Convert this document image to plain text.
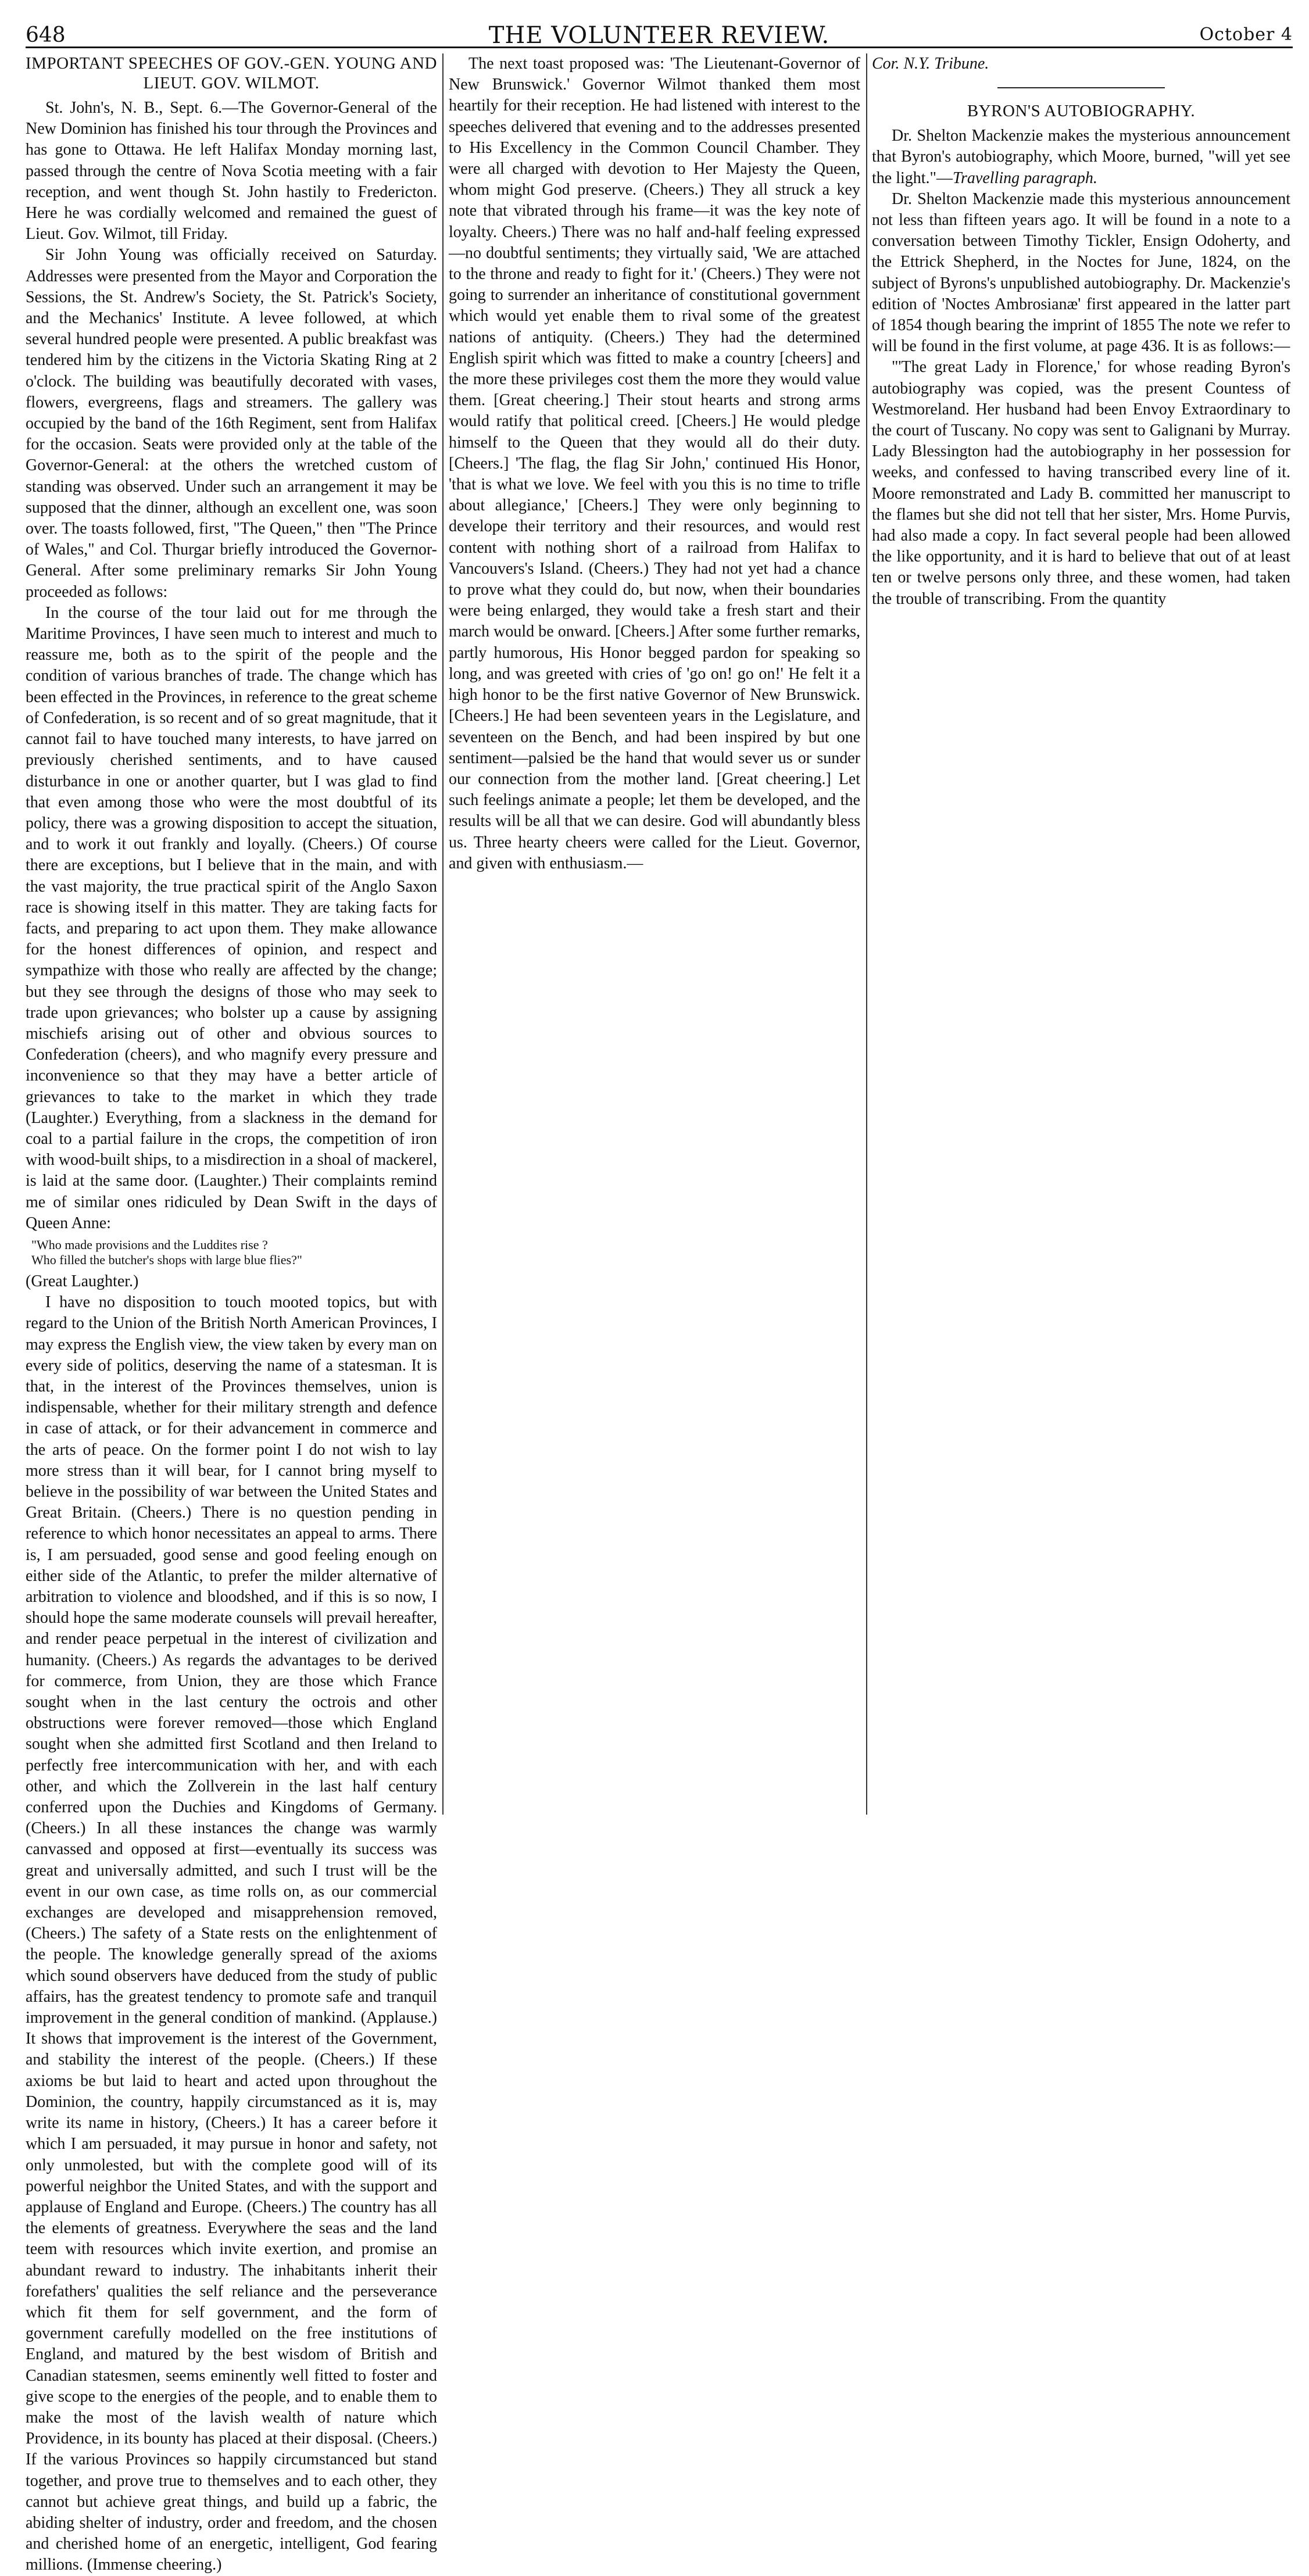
648	THE VOLUNTEER REVIEW.	October 4
IMPORTANT SPEECHES OF GOV.-GEN. YOUNG AND LIEUT. GOV. WILMOT.

St. John's, N. B., Sept. 6.—The Governor-General of the New Dominion has finished his tour through the Provinces and has gone to Ottawa. He left Halifax Monday morning last, passed through the centre of Nova Scotia meeting with a fair reception, and went though St. John hastily to Fredericton. Here he was cordially welcomed and remained the guest of Lieut. Gov. Wilmot, till Friday.

Sir John Young was officially received on Saturday. Addresses were presented from the Mayor and Corporation the Sessions, the St. Andrew's Society, the St. Patrick's Society, and the Mechanics' Institute. A levee followed, at which several hundred people were presented. A public breakfast was tendered him by the citizens in the Victoria Skating Ring at 2 o'clock. The building was beautifully decorated with vases, flowers, evergreens, flags and streamers. The gallery was occupied by the band of the 16th Regiment, sent from Halifax for the occasion. Seats were provided only at the table of the Governor-General: at the others the wretched custom of standing was observed. Under such an arrangement it may be supposed that the dinner, although an excellent one, was soon over. The toasts followed, first, "The Queen," then "The Prince of Wales," and Col. Thurgar briefly introduced the Governor-General. After some preliminary remarks Sir John Young proceeded as follows:

In the course of the tour laid out for me through the Maritime Provinces, I have seen much to interest and much to reassure me, both as to the spirit of the people and the condition of various branches of trade. The change which has been effected in the Provinces, in reference to the great scheme of Confederation, is so recent and of so great magnitude, that it cannot fail to have touched many interests, to have jarred on previously cherished sentiments, and to have caused disturbance in one or another quarter, but I was glad to find that even among those who were the most doubtful of its policy, there was a growing disposition to accept the situation, and to work it out frankly and loyally. (Cheers.) Of course there are exceptions, but I believe that in the main, and with the vast majority, the true practical spirit of the Anglo Saxon race is showing itself in this matter. They are taking facts for facts, and preparing to act upon them. They make allowance for the honest differences of opinion, and respect and sympathize with those who really are affected by the change; but they see through the designs of those who may seek to trade upon grievances; who bolster up a cause by assigning mischiefs arising out of other and obvious sources to Confederation (cheers), and who magnify every pressure and inconvenience so that they may have a better article of grievances to take to the market in which they trade (Laughter.) Everything, from a slackness in the demand for coal to a partial failure in the crops, the competition of iron with wood-built ships, to a misdirection in a shoal of mackerel, is laid at the same door. (Laughter.) Their complaints remind me of similar ones ridiculed by Dean Swift in the days of Queen Anne:

"Who made provisions and the Luddites rise ?
Who filled the butcher's shops with large blue flies?"

(Great Laughter.)

I have no disposition to touch mooted topics, but with regard to the Union of the British North American Provinces, I may express the English view, the view taken by every man on every side of politics, deserving the name of a statesman. It is that, in the interest of the Provinces themselves, union is indispensable, whether for their military strength and defence in case of attack, or for their advancement in commerce and the arts of peace. On the former point I do not wish to lay more stress than it will bear, for I cannot bring myself to believe in the possibility of war between the United States and Great Britain. (Cheers.) There is no question pending in reference to which honor necessitates an appeal to arms. There is, I am persuaded, good sense and good feeling enough on either side of the Atlantic, to prefer the milder alternative of arbitration to violence and bloodshed, and if this is so now, I should hope the same moderate counsels will prevail hereafter, and render peace perpetual in the interest of civilization and humanity. (Cheers.) As regards the advantages to be derived for commerce, from Union, they are those which France sought when in the last century the octrois and other obstructions were forever removed—those which England sought when she admitted first Scotland and then Ireland to perfectly free intercommunication with her, and with each other, and which the Zollverein in the last half century conferred upon the Duchies and Kingdoms of Germany. (Cheers.) In all these instances the change was warmly canvassed and opposed at first—eventually its success was great and universally admitted, and such I trust will be the event in our own case, as time rolls on, as our commercial exchanges are developed and misapprehension removed, (Cheers.) The safety of a State rests on the enlightenment of the people. The knowledge generally spread of the axioms which sound observers have deduced from the study of public affairs, has the greatest tendency to promote safe and tranquil improvement in the general condition of mankind. (Applause.) It shows that improvement is the interest of the Government, and stability the interest of the people. (Cheers.) If these axioms be but laid to heart and acted upon throughout the Dominion, the country, happily circumstanced as it is, may write its name in history, (Cheers.) It has a career before it which I am persuaded, it may pursue in honor and safety, not only unmolested, but with the complete good will of its powerful neighbor the United States, and with the support and applause of England and Europe. (Cheers.) The country has all the elements of greatness. Everywhere the seas and the land teem with resources which invite exertion, and promise an abundant reward to industry. The inhabitants inherit their forefathers' qualities the self reliance and the perseverance which fit them for self government, and the form of government carefully modelled on the free institutions of England, and matured by the best wisdom of British and Canadian statesmen, seems eminently well fitted to foster and give scope to the energies of the people, and to enable them to make the most of the lavish wealth of nature which Providence, in its bounty has placed at their disposal. (Cheers.) If the various Provinces so happily circumstanced but stand together, and prove true to themselves and to each other, they cannot but achieve great things, and build up a fabric, the abiding shelter of industry, order and freedom, and the chosen and cherished home of an energetic, intelligent, God fearing millions. (Immense cheering.)

The next toast proposed was: 'The Lieutenant-Governor of New Brunswick.' Governor Wilmot thanked them most heartily for their reception. He had listened with interest to the speeches delivered that evening and to the addresses presented to His Excellency in the Common Council Chamber. They were all charged with devotion to Her Majesty the Queen, whom might God preserve. (Cheers.) They all struck a key note that vibrated through his frame—it was the key note of loyalty. Cheers.) There was no half and-half feeling expressed—no doubtful sentiments; they virtually said, 'We are attached to the throne and ready to fight for it.' (Cheers.) They were not going to surrender an inheritance of constitutional government which would yet enable them to rival some of the greatest nations of antiquity. (Cheers.) They had the determined English spirit which was fitted to make a country [cheers] and the more these privileges cost them the more they would value them. [Great cheering.] Their stout hearts and strong arms would ratify that political creed. [Cheers.] He would pledge himself to the Queen that they would all do their duty. [Cheers.] 'The flag, the flag Sir John,' continued His Honor, 'that is what we love. We feel with you this is no time to trifle about allegiance,' [Cheers.] They were only beginning to develope their territory and their resources, and would rest content with nothing short of a railroad from Halifax to Vancouvers's Island. (Cheers.) They had not yet had a chance to prove what they could do, but now, when their boundaries were being enlarged, they would take a fresh start and their march would be onward. [Cheers.] After some further remarks, partly humorous, His Honor begged pardon for speaking so long, and was greeted with cries of 'go on! go on!' He felt it a high honor to be the first native Governor of New Brunswick. [Cheers.] He had been seventeen years in the Legislature, and seventeen on the Bench, and had been inspired by but one sentiment—palsied be the hand that would sever us or sunder our connection from the mother land. [Great cheering.] Let such feelings animate a people; let them be developed, and the results will be all that we can desire. God will abundantly bless us. Three hearty cheers were called for the Lieut. Governor, and given with enthusiasm.—

Cor. N.Y. Tribune.

BYRON'S AUTOBIOGRAPHY.

Dr. Shelton Mackenzie makes the mysterious announcement that Byron's autobiography, which Moore, burned, "will yet see the light."—Travelling paragraph.

Dr. Shelton Mackenzie made this mysterious announcement not less than fifteen years ago. It will be found in a note to a conversation between Timothy Tickler, Ensign Odoherty, and the Ettrick Shepherd, in the Noctes for June, 1824, on the subject of Byrons's unpublished autobiography. Dr. Mackenzie's edition of 'Noctes Ambrosianæ' first appeared in the latter part of 1854 though bearing the imprint of 1855 The note we refer to will be found in the first volume, at page 436. It is as follows:—

"'The great Lady in Florence,' for whose reading Byron's autobiography was copied, was the present Countess of Westmoreland. Her husband had been Envoy Extraordinary to the court of Tuscany. No copy was sent to Galignani by Murray. Lady Blessington had the autobiography in her possession for weeks, and confessed to having transcribed every line of it. Moore remonstrated and Lady B. committed her manuscript to the flames but she did not tell that her sister, Mrs. Home Purvis, had also made a copy. In fact several people had been allowed the like opportunity, and it is hard to believe that out of at least ten or twelve persons only three, and these women, had taken the trouble of transcribing. From the quantity
